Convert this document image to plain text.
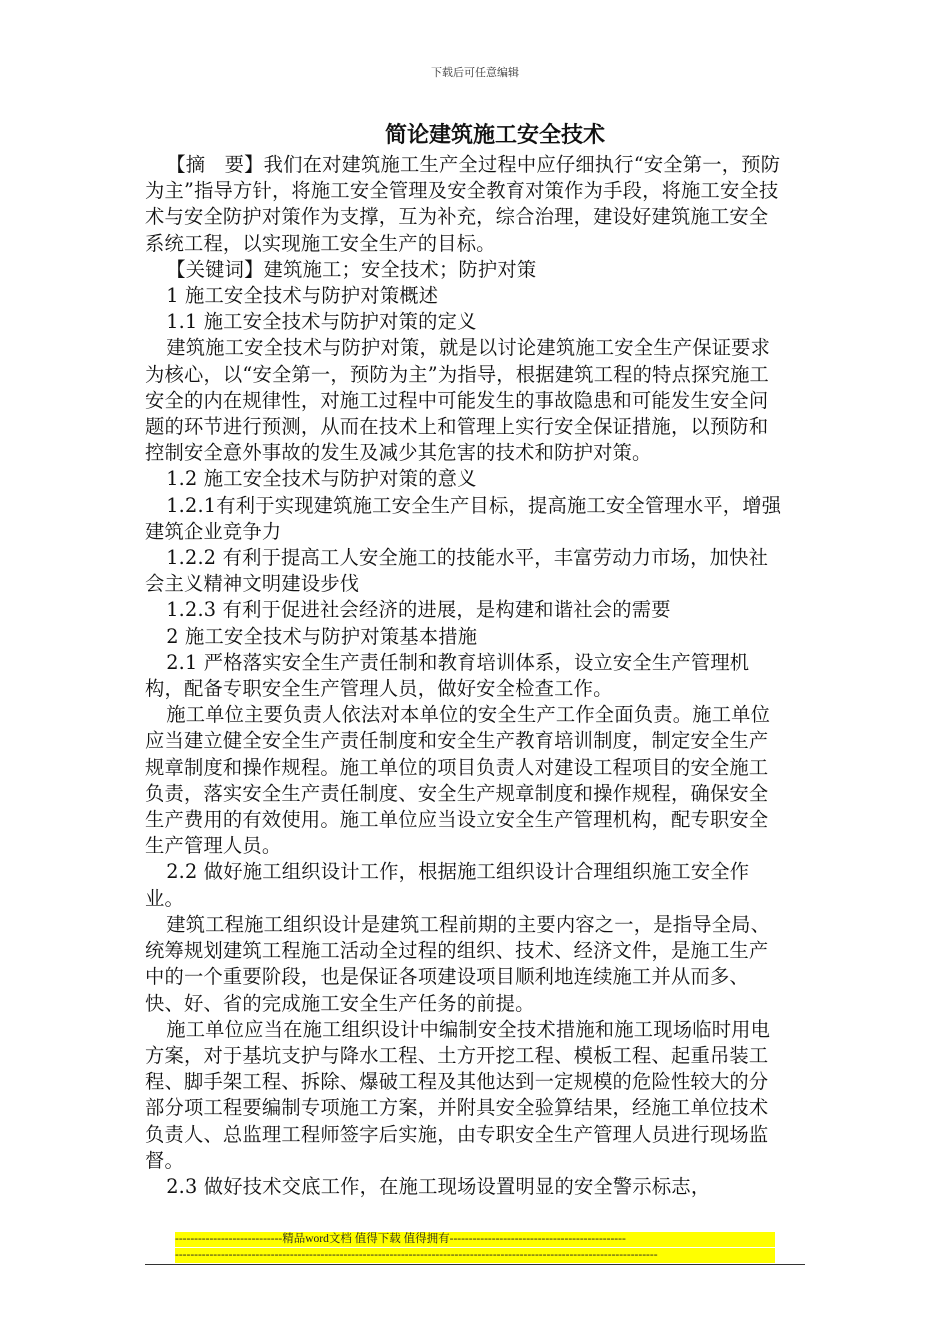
下载后可任意编辑
简论建筑施工安全技术

【摘　要】我们在对建筑施工生产全过程中应仔细执行“安全第一，预防为主”指导方针，将施工安全管理及安全教育对策作为手段，将施工安全技术与安全防护对策作为支撑，互为补充，综合治理，建设好建筑施工安全系统工程，以实现施工安全生产的目标。

【关键词】建筑施工；安全技术；防护对策

1 施工安全技术与防护对策概述

1.1 施工安全技术与防护对策的定义

建筑施工安全技术与防护对策，就是以讨论建筑施工安全生产保证要求为核心，以“安全第一，预防为主”为指导，根据建筑工程的特点探究施工安全的内在规律性，对施工过程中可能发生的事故隐患和可能发生安全问题的环节进行预测，从而在技术上和管理上实行安全保证措施，以预防和控制安全意外事故的发生及减少其危害的技术和防护对策。

1.2 施工安全技术与防护对策的意义

1.2.1有利于实现建筑施工安全生产目标，提高施工安全管理水平，增强建筑企业竞争力

1.2.2 有利于提高工人安全施工的技能水平，丰富劳动力市场，加快社会主义精神文明建设步伐

1.2.3 有利于促进社会经济的进展，是构建和谐社会的需要

2 施工安全技术与防护对策基本措施

2.1 严格落实安全生产责任制和教育培训体系，设立安全生产管理机构，配备专职安全生产管理人员，做好安全检查工作。

施工单位主要负责人依法对本单位的安全生产工作全面负责。施工单位应当建立健全安全生产责任制度和安全生产教育培训制度，制定安全生产规章制度和操作规程。施工单位的项目负责人对建设工程项目的安全施工负责，落实安全生产责任制度、安全生产规章制度和操作规程，确保安全生产费用的有效使用。施工单位应当设立安全生产管理机构，配专职安全生产管理人员。

2.2 做好施工组织设计工作，根据施工组织设计合理组织施工安全作业。

建筑工程施工组织设计是建筑工程前期的主要内容之一，是指导全局、统筹规划建筑工程施工活动全过程的组织、技术、经济文件，是施工生产中的一个重要阶段，也是保证各项建设项目顺利地连续施工并从而多、快、好、省的完成施工安全生产任务的前提。

施工单位应当在施工组织设计中编制安全技术措施和施工现场临时用电方案，对于基坑支护与降水工程、土方开挖工程、模板工程、起重吊装工程、脚手架工程、拆除、爆破工程及其他达到一定规模的危险性较大的分部分项工程要编制专项施工方案，并附具安全验算结果，经施工单位技术负责人、总监理工程师签字后实施，由专职安全生产管理人员进行现场监督。

2.3 做好技术交底工作，在施工现场设置明显的安全警示标志，

----------------------------精品word文档 值得下载 值得拥有----------------------------------------------
------------------------------------------------------------------------------------------------------------------------------
